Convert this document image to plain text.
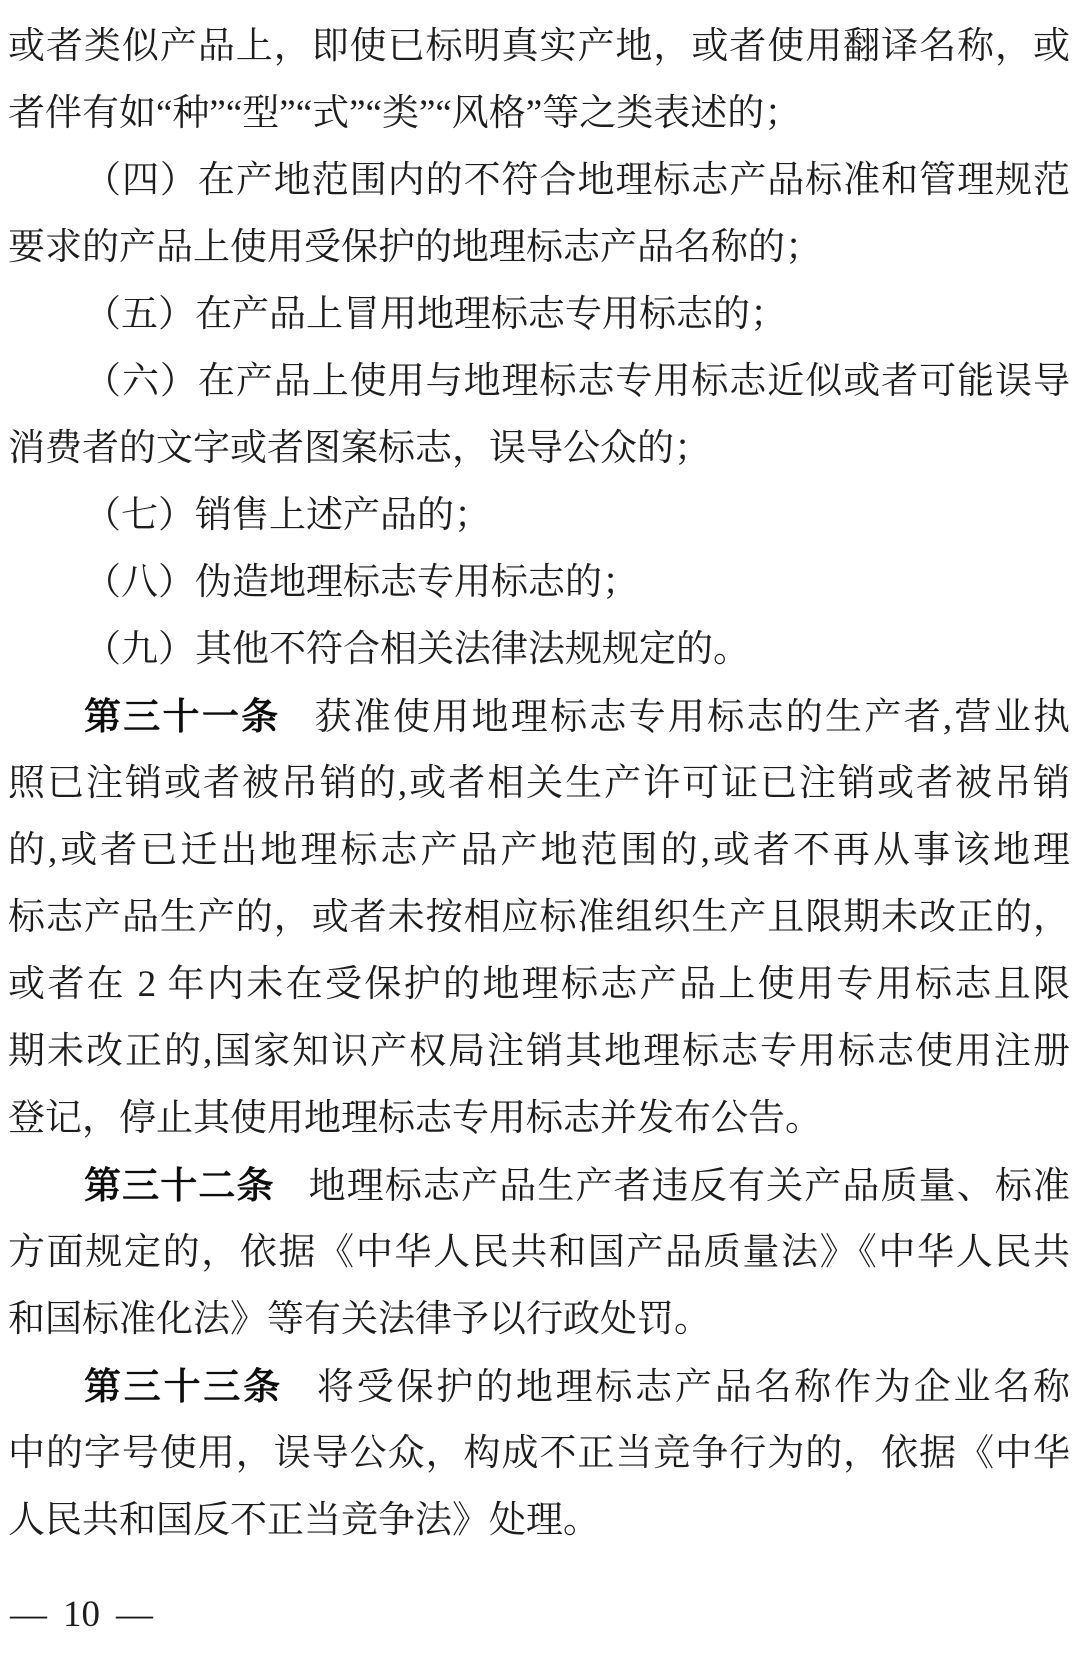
或者类似产品上，即使已标明真实产地，或者使用翻译名称，或
者伴有如“种”“型”“式”“类”“风格”等之类表述的；
（四）在产地范围内的不符合地理标志产品标准和管理规范
要求的产品上使用受保护的地理标志产品名称的；
（五）在产品上冒用地理标志专用标志的；
（六）在产品上使用与地理标志专用标志近似或者可能误导
消费者的文字或者图案标志，误导公众的；
（七）销售上述产品的；
（八）伪造地理标志专用标志的；
（九）其他不符合相关法律法规规定的。
第三十一条 获准使用地理标志专用标志的生产者,营业执
照已注销或者被吊销的,或者相关生产许可证已注销或者被吊销
的,或者已迁出地理标志产品产地范围的,或者不再从事该地理
标志产品生产的，或者未按相应标准组织生产且限期未改正的，
或者在 2 年内未在受保护的地理标志产品上使用专用标志且限
期未改正的,国家知识产权局注销其地理标志专用标志使用注册
登记，停止其使用地理标志专用标志并发布公告。
第三十二条 地理标志产品生产者违反有关产品质量、标准
方面规定的，依据《中华人民共和国产品质量法》《中华人民共
和国标准化法》等有关法律予以行政处罚。
第三十三条 将受保护的地理标志产品名称作为企业名称
中的字号使用，误导公众，构成不正当竞争行为的，依据《中华
人民共和国反不正当竞争法》处理。
— 10 —
